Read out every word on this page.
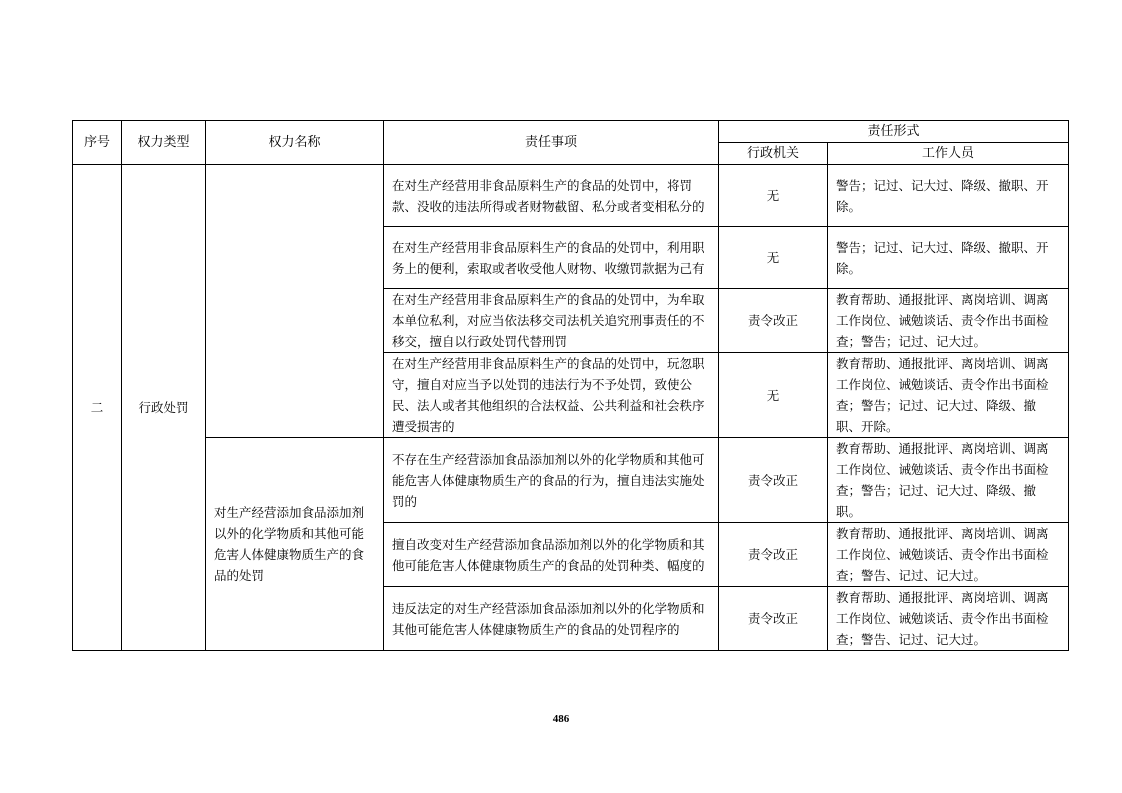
序号	权力类型	权力名称	责任事项	责任形式	
				行政机关	工作人员
二	行政处罚		在对生产经营用非食品原料生产的食品的处罚中，将罚款、没收的违法所得或者财物截留、私分或者变相私分的	无	警告；记过、记大过、降级、撤职、开除。
			在对生产经营用非食品原料生产的食品的处罚中，利用职务上的便利，索取或者收受他人财物、收缴罚款据为己有	无	警告；记过、记大过、降级、撤职、开除。
			在对生产经营用非食品原料生产的食品的处罚中，为牟取本单位私利，对应当依法移交司法机关追究刑事责任的不移交，擅自以行政处罚代替刑罚	责令改正	教育帮助、通报批评、离岗培训、调离工作岗位、诫勉谈话、责令作出书面检查；警告；记过、记大过。
			在对生产经营用非食品原料生产的食品的处罚中，玩忽职守，擅自对应当予以处罚的违法行为不予处罚，致使公民、法人或者其他组织的合法权益、公共利益和社会秩序遭受损害的	无	教育帮助、通报批评、离岗培训、调离工作岗位、诫勉谈话、责令作出书面检查；警告；记过、记大过、降级、撤职、开除。
		对生产经营添加食品添加剂以外的化学物质和其他可能危害人体健康物质生产的食品的处罚	不存在生产经营添加食品添加剂以外的化学物质和其他可能危害人体健康物质生产的食品的行为，擅自违法实施处罚的	责令改正	教育帮助、通报批评、离岗培训、调离工作岗位、诫勉谈话、责令作出书面检查；警告；记过、记大过、降级、撤职。
			擅自改变对生产经营添加食品添加剂以外的化学物质和其他可能危害人体健康物质生产的食品的处罚种类、幅度的	责令改正	教育帮助、通报批评、离岗培训、调离工作岗位、诫勉谈话、责令作出书面检查；警告、记过、记大过。
			违反法定的对生产经营添加食品添加剂以外的化学物质和其他可能危害人体健康物质生产的食品的处罚程序的	责令改正	教育帮助、通报批评、离岗培训、调离工作岗位、诫勉谈话、责令作出书面检查；警告、记过、记大过。
486
